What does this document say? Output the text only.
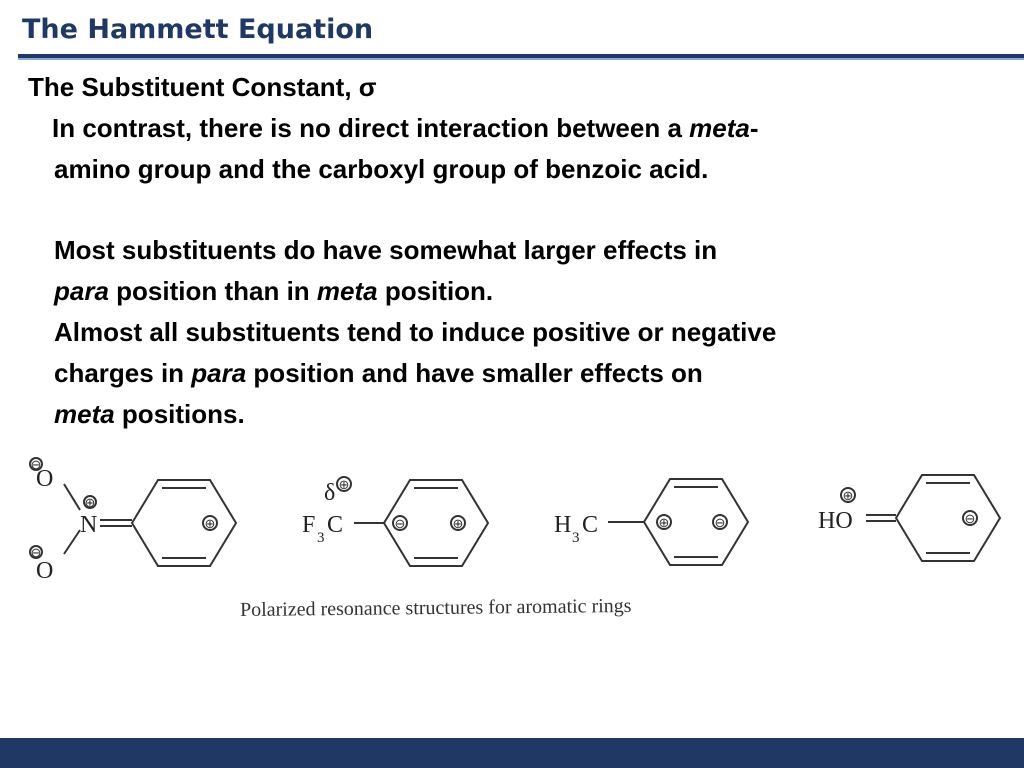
The Hammett Equation
The Substituent Constant, σ
In contrast, there is no direct interaction between a meta-
amino group and the carboxyl group of benzoic acid.
Most substituents do have somewhat larger effects in
para position than in meta position.
Almost all substituents tend to induce positive or negative
charges in para position and have smaller effects on
meta positions.
O
O
N
δ
F 3 C	H 3 C	HO
⊖
⊖
⊕
⊕
⊕
⊖	⊕	⊕	⊖
⊕
⊖
Polarized resonance structures for aromatic rings
